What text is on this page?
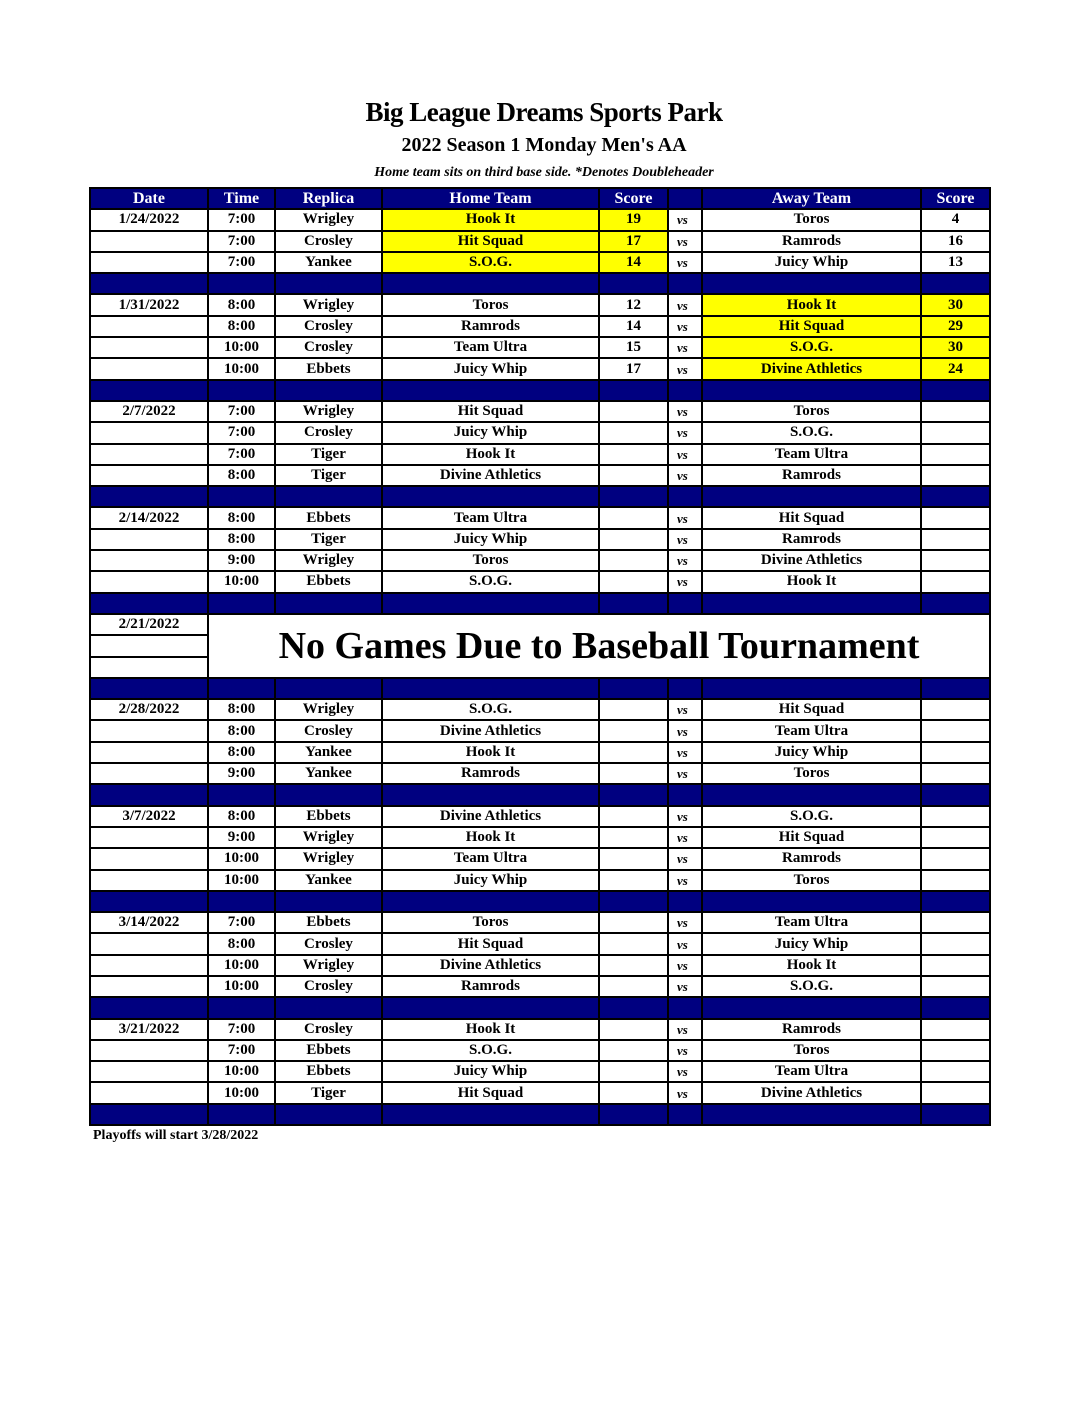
Big League Dreams Sports Park
2022 Season 1 Monday Men's AA
Home team sits on third base side. *Denotes Doubleheader
Date	Time	Replica	Home Team	Score		Away Team	Score
1/24/2022	7:00	Wrigley	Hook It	19	vs	Toros	4
	7:00	Crosley	Hit Squad	17	vs	Ramrods	16
	7:00	Yankee	S.O.G.	14	vs	Juicy Whip	13

1/31/2022	8:00	Wrigley	Toros	12	vs	Hook It	30
	8:00	Crosley	Ramrods	14	vs	Hit Squad	29
	10:00	Crosley	Team Ultra	15	vs	S.O.G.	30
	10:00	Ebbets	Juicy Whip	17	vs	Divine Athletics	24

2/7/2022	7:00	Wrigley	Hit Squad		vs	Toros	
	7:00	Crosley	Juicy Whip		vs	S.O.G.	
	7:00	Tiger	Hook It		vs	Team Ultra	
	8:00	Tiger	Divine Athletics		vs	Ramrods	

2/14/2022	8:00	Ebbets	Team Ultra		vs	Hit Squad	
	8:00	Tiger	Juicy Whip		vs	Ramrods	
	9:00	Wrigley	Toros		vs	Divine Athletics	
	10:00	Ebbets	S.O.G.		vs	Hook It	

2/21/2022	No Games Due to Baseball Tournament						

2/28/2022	8:00	Wrigley	S.O.G.		vs	Hit Squad	
	8:00	Crosley	Divine Athletics		vs	Team Ultra	
	8:00	Yankee	Hook It		vs	Juicy Whip	
	9:00	Yankee	Ramrods		vs	Toros	

3/7/2022	8:00	Ebbets	Divine Athletics		vs	S.O.G.	
	9:00	Wrigley	Hook It		vs	Hit Squad	
	10:00	Wrigley	Team Ultra		vs	Ramrods	
	10:00	Yankee	Juicy Whip		vs	Toros	

3/14/2022	7:00	Ebbets	Toros		vs	Team Ultra	
	8:00	Crosley	Hit Squad		vs	Juicy Whip	
	10:00	Wrigley	Divine Athletics		vs	Hook It	
	10:00	Crosley	Ramrods		vs	S.O.G.	

3/21/2022	7:00	Crosley	Hook It		vs	Ramrods	
	7:00	Ebbets	S.O.G.		vs	Toros	
	10:00	Ebbets	Juicy Whip		vs	Team Ultra	
	10:00	Tiger	Hit Squad		vs	Divine Athletics	

Playoffs will start 3/28/2022
